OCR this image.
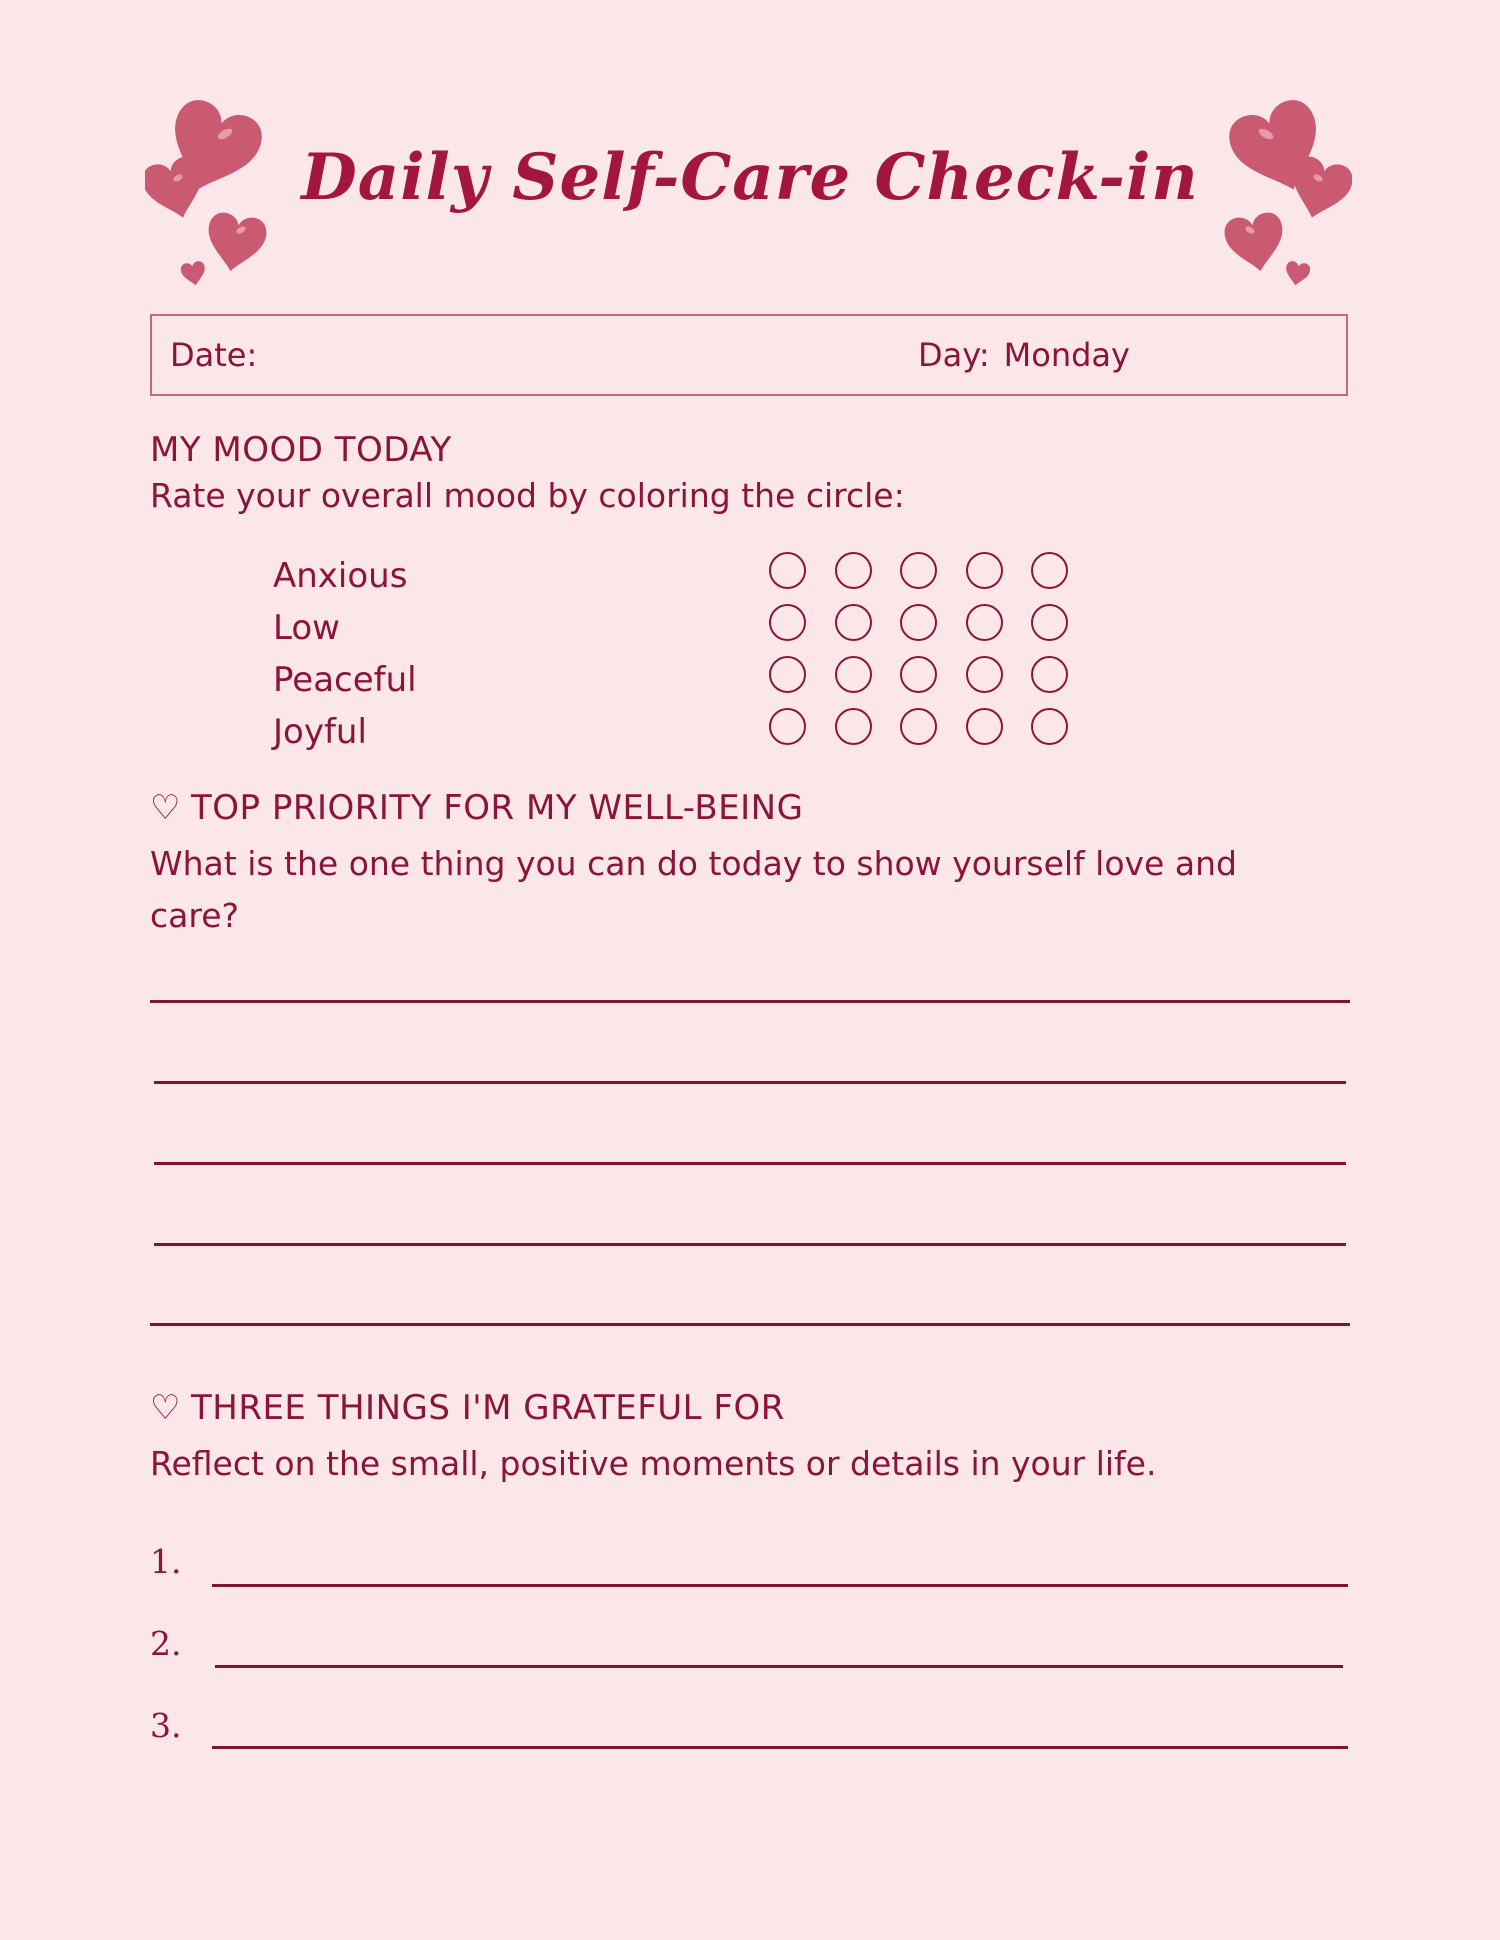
Daily Self-Care Check-in
Date:	Day: Monday
MY MOOD TODAY
Rate your overall mood by coloring the circle:
Anxious
Low
Peaceful
Joyful
♡ TOP PRIORITY FOR MY WELL-BEING
What is the one thing you can do today to show yourself love and care?
♡ THREE THINGS I'M GRATEFUL FOR
Reflect on the small, positive moments or details in your life.
1.
2.
3.
